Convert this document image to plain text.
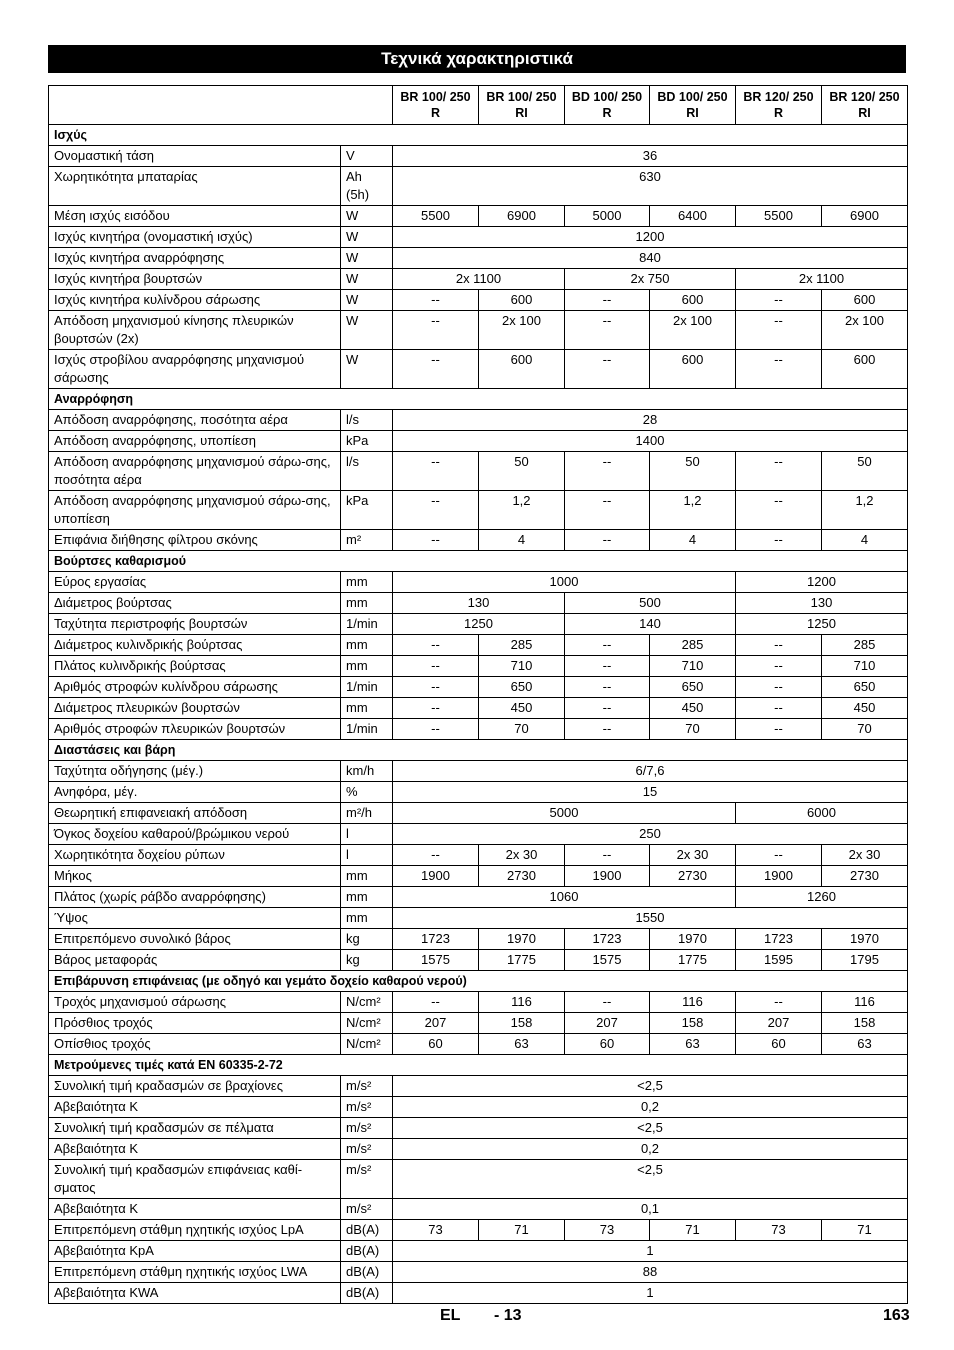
Τεχνικά χαρακτηριστικά
		BR 100/ 250 R	BR 100/ 250 RI	BD 100/ 250 R	BD 100/ 250 RI	BR 120/ 250 R	BR 120/ 250 RI
Ισχύς							
Ονομαστική τάση	V	36					
Χωρητικότητα μπαταρίας	Ah (5h)	630					
Μέση ισχύς εισόδου	W	5500	6900	5000	6400	5500	6900
Ισχύς κινητήρα (ονομαστική ισχύς)	W	1200					
Ισχύς κινητήρα αναρρόφησης	W	840					
Ισχύς κινητήρα βουρτσών	W	2x 1100		2x 750		2x 1100	
Ισχύς κινητήρα κυλίνδρου σάρωσης	W	--	600	--	600	--	600
Απόδοση μηχανισμού κίνησης πλευρικών βουρτσών (2x)	W	--	2x 100	--	2x 100	--	2x 100
Ισχύς στροβίλου αναρρόφησης μηχανισμού σάρωσης	W	--	600	--	600	--	600
Αναρρόφηση							
Απόδοση αναρρόφησης, ποσότητα αέρα	l/s	28					
Απόδοση αναρρόφησης, υποπίεση	kPa	1400					
Απόδοση αναρρόφησης μηχανισμού σάρω-σης, ποσότητα αέρα	l/s	--	50	--	50	--	50
Απόδοση αναρρόφησης μηχανισμού σάρω-σης, υποπίεση	kPa	--	1,2	--	1,2	--	1,2
Επιφάνια διήθησης φίλτρου σκόνης	m²	--	4	--	4	--	4
Βούρτσες καθαρισμού							
Εύρος εργασίας	mm	1000				1200	
Διάμετρος βούρτσας	mm	130		500		130	
Ταχύτητα περιστροφής βουρτσών	1/min	1250		140		1250	
Διάμετρος κυλινδρικής βούρτσας	mm	--	285	--	285	--	285
Πλάτος κυλινδρικής βούρτσας	mm	--	710	--	710	--	710
Αριθμός στροφών κυλίνδρου σάρωσης	1/min	--	650	--	650	--	650
Διάμετρος πλευρικών βουρτσών	mm	--	450	--	450	--	450
Αριθμός στροφών πλευρικών βουρτσών	1/min	--	70	--	70	--	70
Διαστάσεις και βάρη							
Ταχύτητα οδήγησης (μέγ.)	km/h	6/7,6					
Ανηφόρα, μέγ.	%	15					
Θεωρητική επιφανειακή απόδοση	m²/h	5000				6000	
Όγκος δοχείου καθαρού/βρώμικου νερού	l	250					
Χωρητικότητα δοχείου ρύπων	l	--	2x 30	--	2x 30	--	2x 30
Μήκος	mm	1900	2730	1900	2730	1900	2730
Πλάτος (χωρίς ράβδο αναρρόφησης)	mm	1060				1260	
Ύψος	mm	1550					
Επιτρεπόμενο συνολικό βάρος	kg	1723	1970	1723	1970	1723	1970
Βάρος μεταφοράς	kg	1575	1775	1575	1775	1595	1795
Επιβάρυνση επιφάνειας (με οδηγό και γεμάτο δοχείο καθαρού νερού)							
Τροχός μηχανισμού σάρωσης	N/cm²	--	116	--	116	--	116
Πρόσθιος τροχός	N/cm²	207	158	207	158	207	158
Οπίσθιος τροχός	N/cm²	60	63	60	63	60	63
Μετρούμενες τιμές κατά EN 60335-2-72							
Συνολική τιμή κραδασμών σε βραχίονες	m/s²	<2,5					
Αβεβαιότητα K	m/s²	0,2					
Συνολική τιμή κραδασμών σε πέλματα	m/s²	<2,5					
Αβεβαιότητα K	m/s²	0,2					
Συνολική τιμή κραδασμών επιφάνειας καθί-σματος	m/s²	<2,5					
Αβεβαιότητα K	m/s²	0,1					
Επιτρεπόμενη στάθμη ηχητικής ισχύος LpA	dB(A)	73	71	73	71	73	71
Αβεβαιότητα KpA	dB(A)	1					
Επιτρεπόμενη στάθμη ηχητικής ισχύος LWA	dB(A)	88					
Αβεβαιότητα KWA	dB(A)	1					
EL - 13	163
